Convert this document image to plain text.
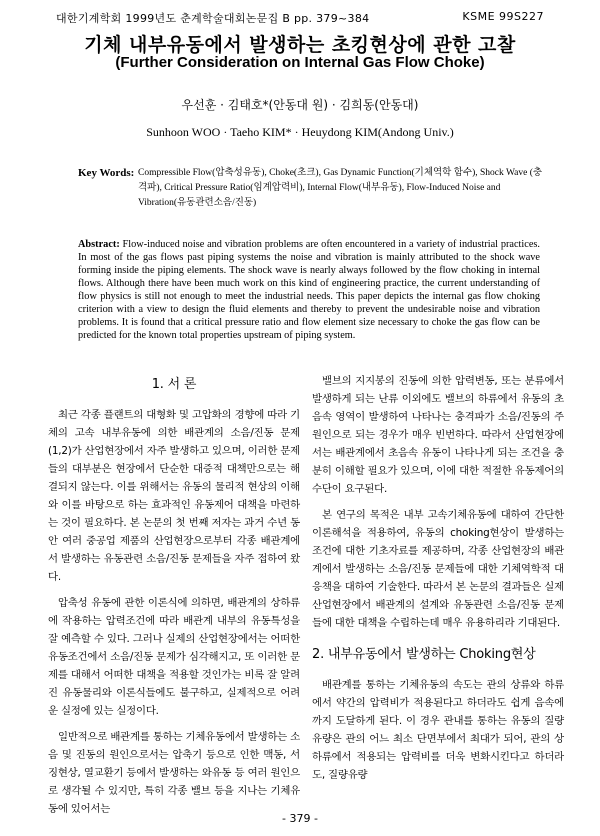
대한기계학회 1999년도 춘계학술대회논문집 B pp. 379~384	KSME 99S227
기체 내부유동에서 발생하는 초킹현상에 관한 고찰
(Further Consideration on Internal Gas Flow Choke)
우선훈 · 김태호*(안동대 원) · 김희동(안동대)
Sunhoon WOO · Taeho KIM* · Heuydong KIM(Andong Univ.)
Key Words: Compressible Flow(압축성유동), Choke(초크), Gas Dynamic Function(기체역학 함수), Shock Wave (충격파), Critical Pressure Ratio(임계압력비), Internal Flow(내부유동), Flow-Induced Noise and Vibration(유동관련소음/진동)
Abstract: Flow-induced noise and vibration problems are often encountered in a variety of industrial practices. In most of the gas flows past piping systems the noise and vibration is mainly attributed to the shock wave forming inside the piping elements. The shock wave is nearly always followed by the flow choking in internal flows. Although there have been much work on this kind of engineering practice, the current understanding of flow physics is still not enough to meet the industrial needs. This paper depicts the internal gas flow choking criterion with a view to design the fluid elements and thereby to prevent the undesirable noise and vibration problems. It is found that a critical pressure ratio and flow element size necessary to choke the gas flow can be predicted for the known total properties upstream of piping system.
1. 서 론

최근 각종 플랜트의 대형화 및 고압화의 경향에 따라 기체의 고속 내부유동에 의한 배관계의 소음/진동 문제(1,2)가 산업현장에서 자주 발생하고 있으며, 이러한 문제들의 대부분은 현장에서 단순한 대증적 대책만으로는 해결되지 않는다. 이를 위해서는 유동의 물리적 현상의 이해와 이를 바탕으로 하는 효과적인 유동제어 대책을 마련하는 것이 필요하다. 본 논문의 첫 번째 저자는 과거 수년 동안 여러 중공업 제품의 산업현장으로부터 각종 배관계에서 발생하는 유동관련 소음/진동 문제들을 자주 접하여 왔다.

압축성 유동에 관한 이론식에 의하면, 배관계의 상하류에 작용하는 압력조건에 따라 배관계 내부의 유동특성을 잘 예측할 수 있다. 그러나 실제의 산업현장에서는 어떠한 유동조건에서 소음/진동 문제가 심각해지고, 또 이러한 문제를 대해서 어떠한 대책을 적용할 것인가는 비록 잘 알려진 유동물리와 이론식들에도 불구하고, 실제적으로 어려운 실정에 있는 실정이다.

일반적으로 배관계를 통하는 기체유동에서 발생하는 소음 및 진동의 원인으로서는 압축기 등으로 인한 맥동, 서징현상, 열교환기 등에서 발생하는 와유동 등 여러 원인으로 생각될 수 있지만, 특히 각종 밸브 등을 지나는 기체유동에 있어서는

밸브의 지지봉의 진동에 의한 압력변동, 또는 분류에서 발생하게 되는 난류 이외에도 밸브의 하류에서 유동의 초음속 영역이 발생하여 나타나는 충격파가 소음/진동의 주원인으로 되는 경우가 매우 빈번하다. 따라서 산업현장에서는 배관계에서 초음속 유동이 나타나게 되는 조건을 충분히 이해할 필요가 있으며, 이에 대한 적절한 유동제어의 수단이 요구된다.

본 연구의 목적은 내부 고속기체유동에 대하여 간단한 이론해석을 적용하여, 유동의 choking현상이 발생하는 조건에 대한 기초자료를 제공하며, 각종 산업현장의 배관계에서 발생하는 소음/진동 문제들에 대한 기체역학적 대응책을 대하여 기술한다. 따라서 본 논문의 결과들은 실제 산업현장에서 배관계의 설계와 유동관련 소음/진동 문제들에 대한 대책을 수립하는데 매우 유용하리라 기대된다.

2. 내부유동에서 발생하는 Choking현상

배관계를 통하는 기체유동의 속도는 관의 상류와 하류에서 약간의 압력비가 적용된다고 하더라도 쉽게 음속에까지 도달하게 된다. 이 경우 관내를 통하는 유동의 질량유량은 관의 어느 최소 단면부에서 최대가 되어, 관의 상하류에서 적용되는 압력비를 더욱 변화시킨다고 하더라도, 질량유량

- 379 -
